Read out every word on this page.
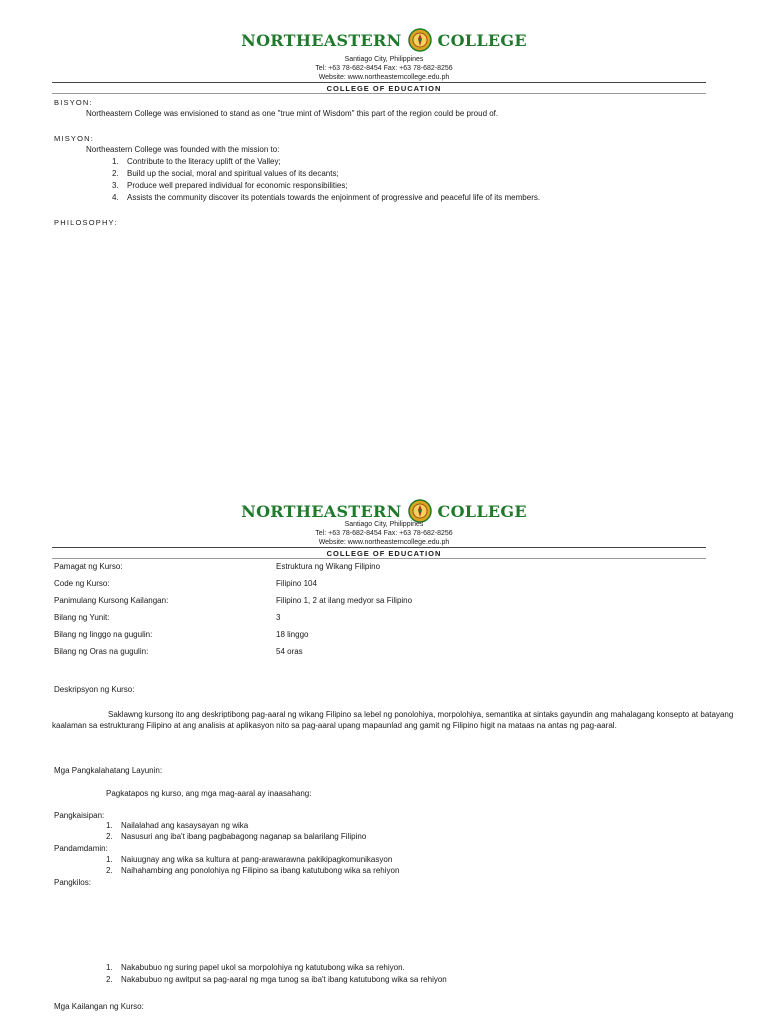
NORTHEASTERN COLLEGE
Santiago City, Philippines
Tel: +63 78-682-8454 Fax: +63 78-682-8256
Website: www.northeasterncollege.edu.ph
COLLEGE OF EDUCATION
BISYON:
Northeastern College was envisioned to stand as one "true mint of Wisdom" this part of the region could be proud of.
MISYON:
Northeastern College was founded with the mission to:
1. Contribute to the literacy uplift of the Valley;
2. Build up the social, moral and spiritual values of its decants;
3. Produce well prepared individual for economic responsibilities;
4. Assists the community discover its potentials towards the enjoinment of progressive and peaceful life of its members.
PHILOSOPHY:
NORTHEASTERN COLLEGE
Santiago City, Philippines
Tel: +63 78-682-8454 Fax: +63 78-682-8256
Website: www.northeasterncollege.edu.ph
COLLEGE OF EDUCATION
Pamagat ng Kurso:	Estruktura ng Wikang Filipino
Code ng Kurso:	Filipino 104
Panimulang Kursong Kailangan:	Filipino 1, 2 at ilang medyor sa Filipino
Bilang ng Yunit:	3
Bilang ng linggo na gugulin:	18 linggo
Bilang ng Oras na gugulin:	54 oras
Deskripsyon ng Kurso:
Saklawng kursong ito ang deskriptibong pag-aaral ng wikang Filipino sa lebel ng ponolohiya, morpolohiya, semantika at sintaks gayundin ang mahalagang konsepto at batayang kaalaman sa estrukturang Filipino at ang analisis at aplikasyon nito sa pag-aaral upang mapaunlad ang gamit ng Filipino higit na mataas na antas ng pag-aaral.
Mga Pangkalahatang Layunin:
Pagkatapos ng kurso, ang mga mag-aaral ay inaasahang:
Pangkaisipan:
1. Nailalahad ang kasaysayan ng wika
2. Nasusuri ang iba't ibang pagbabagong naganap sa balarilang Filipino
Pandamdamin:
1. Naiuugnay ang wika sa kultura at pang-arawarawna pakikipagkomunikasyon
2. Naihahambing ang ponolohiya ng Filipino sa ibang katutubong wika sa rehiyon
Pangkilos:
1. Nakabubuo ng suring papel ukol sa morpolohiya ng katutubong wika sa rehiyon.
2. Nakabubuo ng awitput sa pag-aaral ng mga tunog sa iba't ibang katutubong wika sa rehiyon
Mga Kailangan ng Kurso:
